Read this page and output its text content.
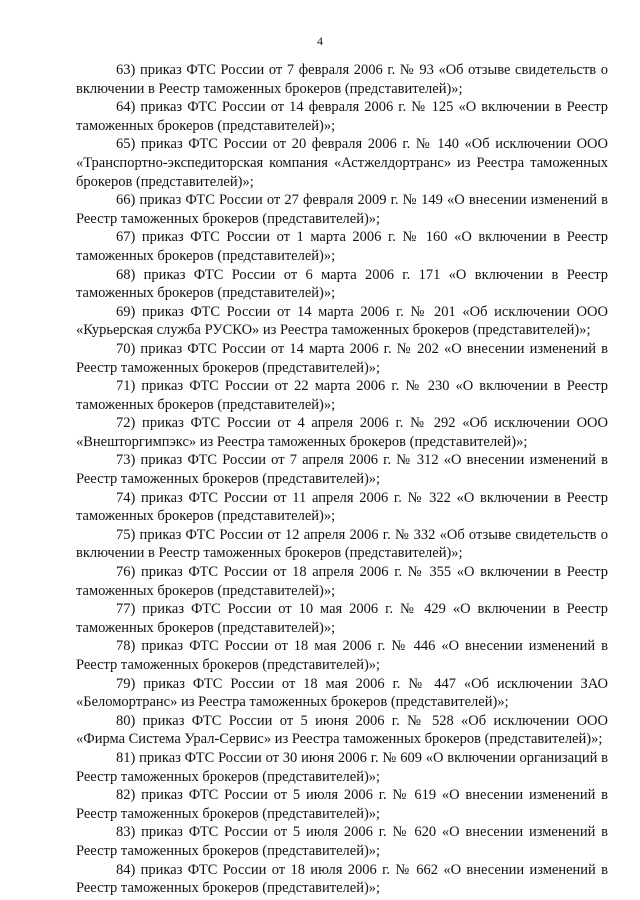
4

63) приказ ФТС России от 7 февраля 2006 г. № 93 «Об отзыве свидетельств о включении в Реестр таможенных брокеров (представителей)»;

64) приказ ФТС России от 14 февраля 2006 г. № 125 «О включении в Реестр таможенных брокеров (представителей)»;

65) приказ ФТС России от 20 февраля 2006 г. № 140 «Об исключении ООО «Транспортно-экспедиторская компания «Астжелдортранс» из Реестра таможенных брокеров (представителей)»;

66) приказ ФТС России от 27 февраля 2009 г. № 149 «О внесении изменений в Реестр таможенных брокеров (представителей)»;

67) приказ ФТС России от 1 марта 2006 г. № 160 «О включении в Реестр таможенных брокеров (представителей)»;

68) приказ ФТС России от 6 марта 2006 г. 171 «О включении в Реестр таможенных брокеров (представителей)»;

69) приказ ФТС России от 14 марта 2006 г. № 201 «Об исключении ООО «Курьерская служба РУСКО» из Реестра таможенных брокеров (представителей)»;

70) приказ ФТС России от 14 марта 2006 г. № 202 «О внесении изменений в Реестр таможенных брокеров (представителей)»;

71) приказ ФТС России от 22 марта 2006 г. № 230 «О включении в Реестр таможенных брокеров (представителей)»;

72) приказ ФТС России от 4 апреля 2006 г. № 292 «Об исключении ООО «Внешторгимпэкс» из Реестра таможенных брокеров (представителей)»;

73) приказ ФТС России от 7 апреля 2006 г. № 312 «О внесении изменений в Реестр таможенных брокеров (представителей)»;

74) приказ ФТС России от 11 апреля 2006 г. № 322 «О включении в Реестр таможенных брокеров (представителей)»;

75) приказ ФТС России от 12 апреля 2006 г. № 332 «Об отзыве свидетельств о включении в Реестр таможенных брокеров (представителей)»;

76) приказ ФТС России от 18 апреля 2006 г. № 355 «О включении в Реестр таможенных брокеров (представителей)»;

77) приказ ФТС России от 10 мая 2006 г. № 429 «О включении в Реестр таможенных брокеров (представителей)»;

78) приказ ФТС России от 18 мая 2006 г. № 446 «О внесении изменений в Реестр таможенных брокеров (представителей)»;

79) приказ ФТС России от 18 мая 2006 г. № 447 «Об исключении ЗАО «Беломортранс» из Реестра таможенных брокеров (представителей)»;

80) приказ ФТС России от 5 июня 2006 г. № 528 «Об исключении ООО «Фирма Система Урал-Сервис» из Реестра таможенных брокеров (представителей)»;

81) приказ ФТС России от 30 июня 2006 г. № 609 «О включении организаций в Реестр таможенных брокеров (представителей)»;

82) приказ ФТС России от 5 июля 2006 г. № 619 «О внесении изменений в Реестр таможенных брокеров (представителей)»;

83) приказ ФТС России от 5 июля 2006 г. № 620 «О внесении изменений в Реестр таможенных брокеров (представителей)»;

84) приказ ФТС России от 18 июля 2006 г. № 662 «О внесении изменений в Реестр таможенных брокеров (представителей)»;
